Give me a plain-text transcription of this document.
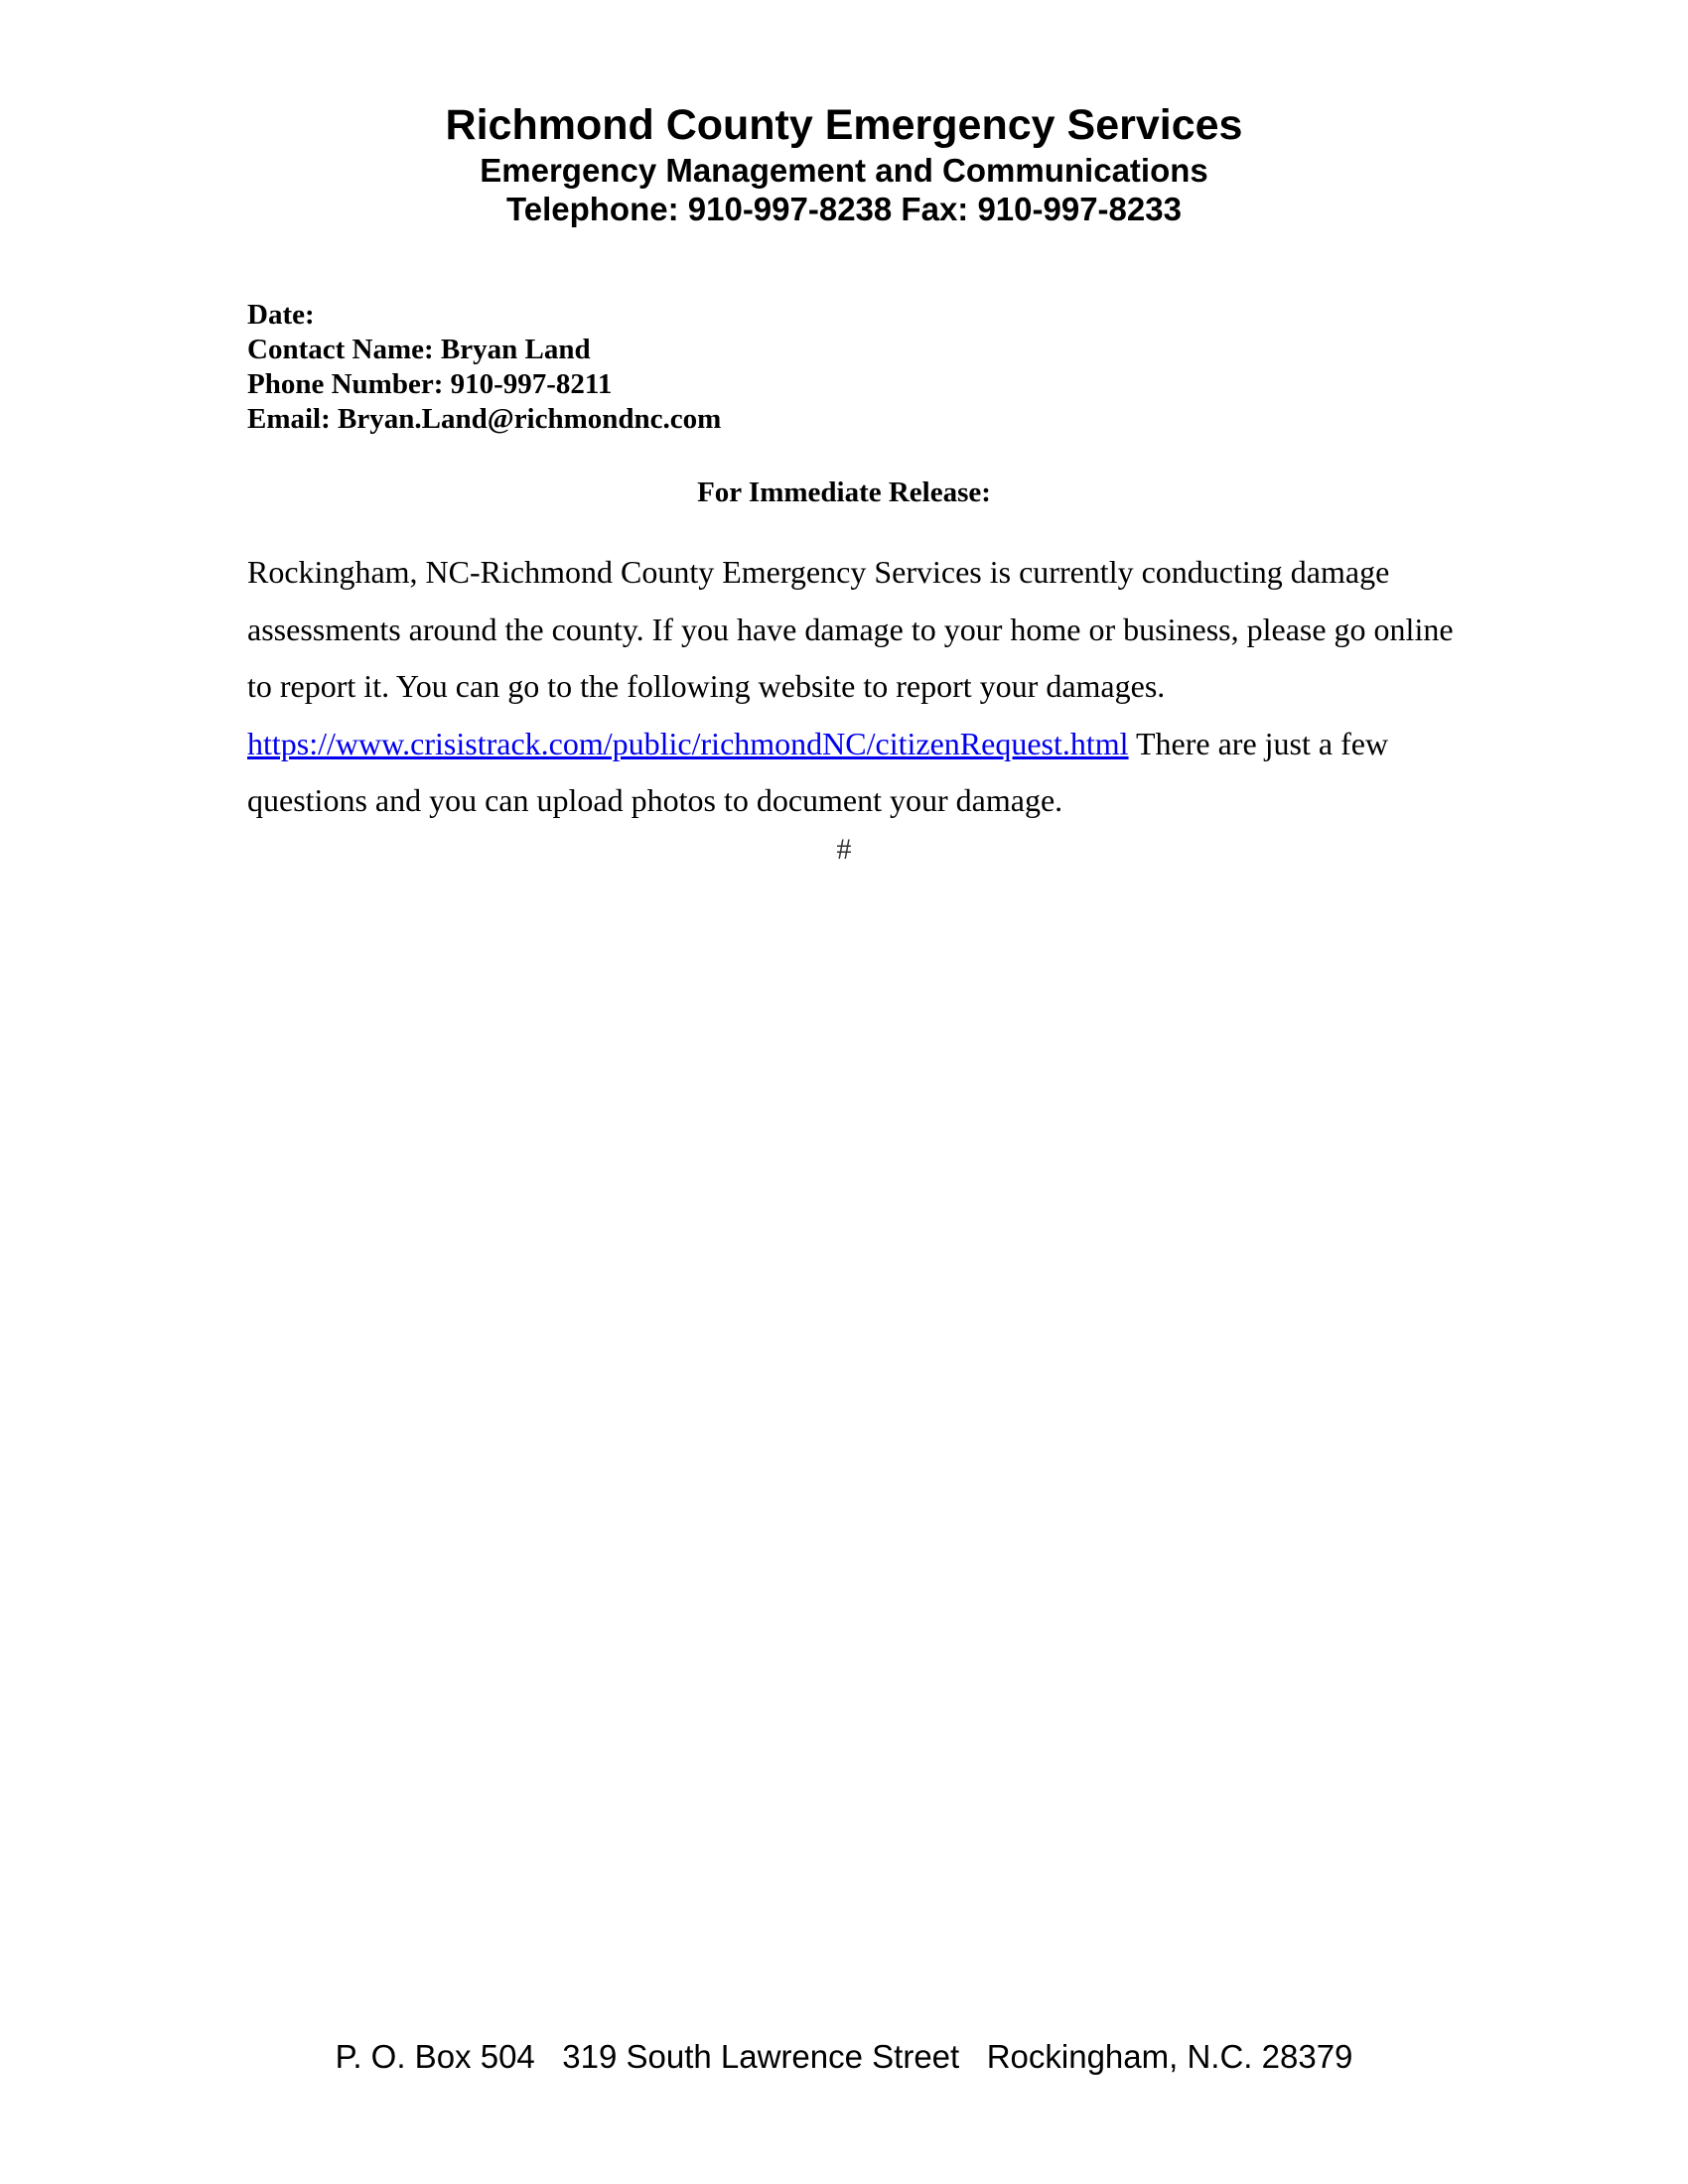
Richmond County Emergency Services
Emergency Management and Communications
Telephone: 910-997-8238 Fax: 910-997-8233
Date:
Contact Name: Bryan Land
Phone Number: 910-997-8211
Email: Bryan.Land@richmondnc.com
For Immediate Release:
Rockingham, NC-Richmond County Emergency Services is currently conducting damage assessments around the county. If you have damage to your home or business, please go online to report it. You can go to the following website to report your damages. https://www.crisistrack.com/public/richmondNC/citizenRequest.html There are just a few questions and you can upload photos to document your damage.
#
P. O. Box 504   319 South Lawrence Street   Rockingham, N.C. 28379
